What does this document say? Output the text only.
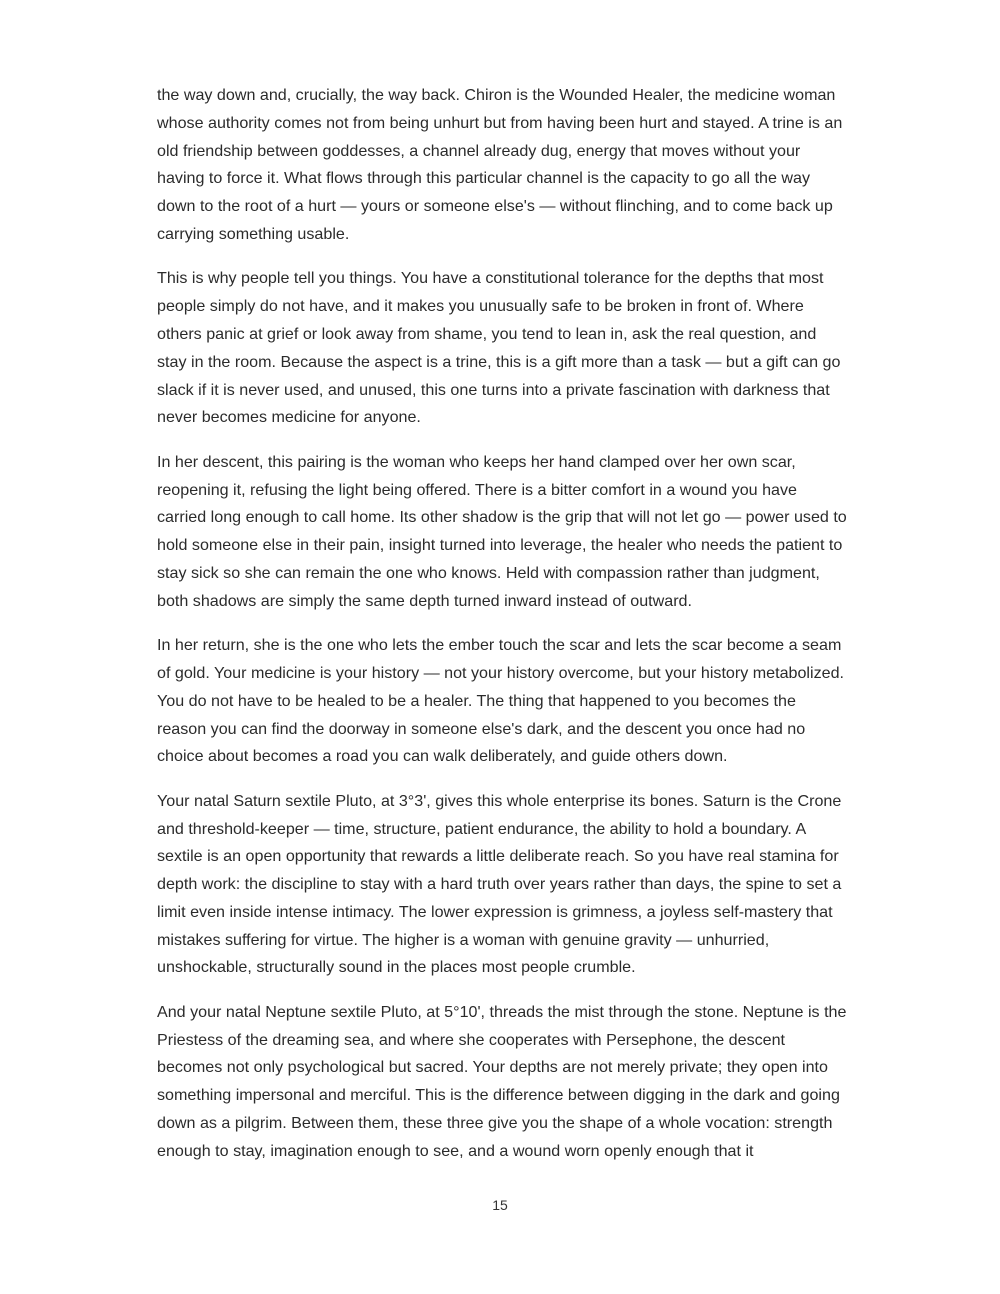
the way down and, crucially, the way back. Chiron is the Wounded Healer, the medicine woman whose authority comes not from being unhurt but from having been hurt and stayed. A trine is an old friendship between goddesses, a channel already dug, energy that moves without your having to force it. What flows through this particular channel is the capacity to go all the way down to the root of a hurt — yours or someone else's — without flinching, and to come back up carrying something usable.

This is why people tell you things. You have a constitutional tolerance for the depths that most people simply do not have, and it makes you unusually safe to be broken in front of. Where others panic at grief or look away from shame, you tend to lean in, ask the real question, and stay in the room. Because the aspect is a trine, this is a gift more than a task — but a gift can go slack if it is never used, and unused, this one turns into a private fascination with darkness that never becomes medicine for anyone.

In her descent, this pairing is the woman who keeps her hand clamped over her own scar, reopening it, refusing the light being offered. There is a bitter comfort in a wound you have carried long enough to call home. Its other shadow is the grip that will not let go — power used to hold someone else in their pain, insight turned into leverage, the healer who needs the patient to stay sick so she can remain the one who knows. Held with compassion rather than judgment, both shadows are simply the same depth turned inward instead of outward.

In her return, she is the one who lets the ember touch the scar and lets the scar become a seam of gold. Your medicine is your history — not your history overcome, but your history metabolized. You do not have to be healed to be a healer. The thing that happened to you becomes the reason you can find the doorway in someone else's dark, and the descent you once had no choice about becomes a road you can walk deliberately, and guide others down.

Your natal Saturn sextile Pluto, at 3°3', gives this whole enterprise its bones. Saturn is the Crone and threshold-keeper — time, structure, patient endurance, the ability to hold a boundary. A sextile is an open opportunity that rewards a little deliberate reach. So you have real stamina for depth work: the discipline to stay with a hard truth over years rather than days, the spine to set a limit even inside intense intimacy. The lower expression is grimness, a joyless self-mastery that mistakes suffering for virtue. The higher is a woman with genuine gravity — unhurried, unshockable, structurally sound in the places most people crumble.

And your natal Neptune sextile Pluto, at 5°10', threads the mist through the stone. Neptune is the Priestess of the dreaming sea, and where she cooperates with Persephone, the descent becomes not only psychological but sacred. Your depths are not merely private; they open into something impersonal and merciful. This is the difference between digging in the dark and going down as a pilgrim. Between them, these three give you the shape of a whole vocation: strength enough to stay, imagination enough to see, and a wound worn openly enough that it

15
